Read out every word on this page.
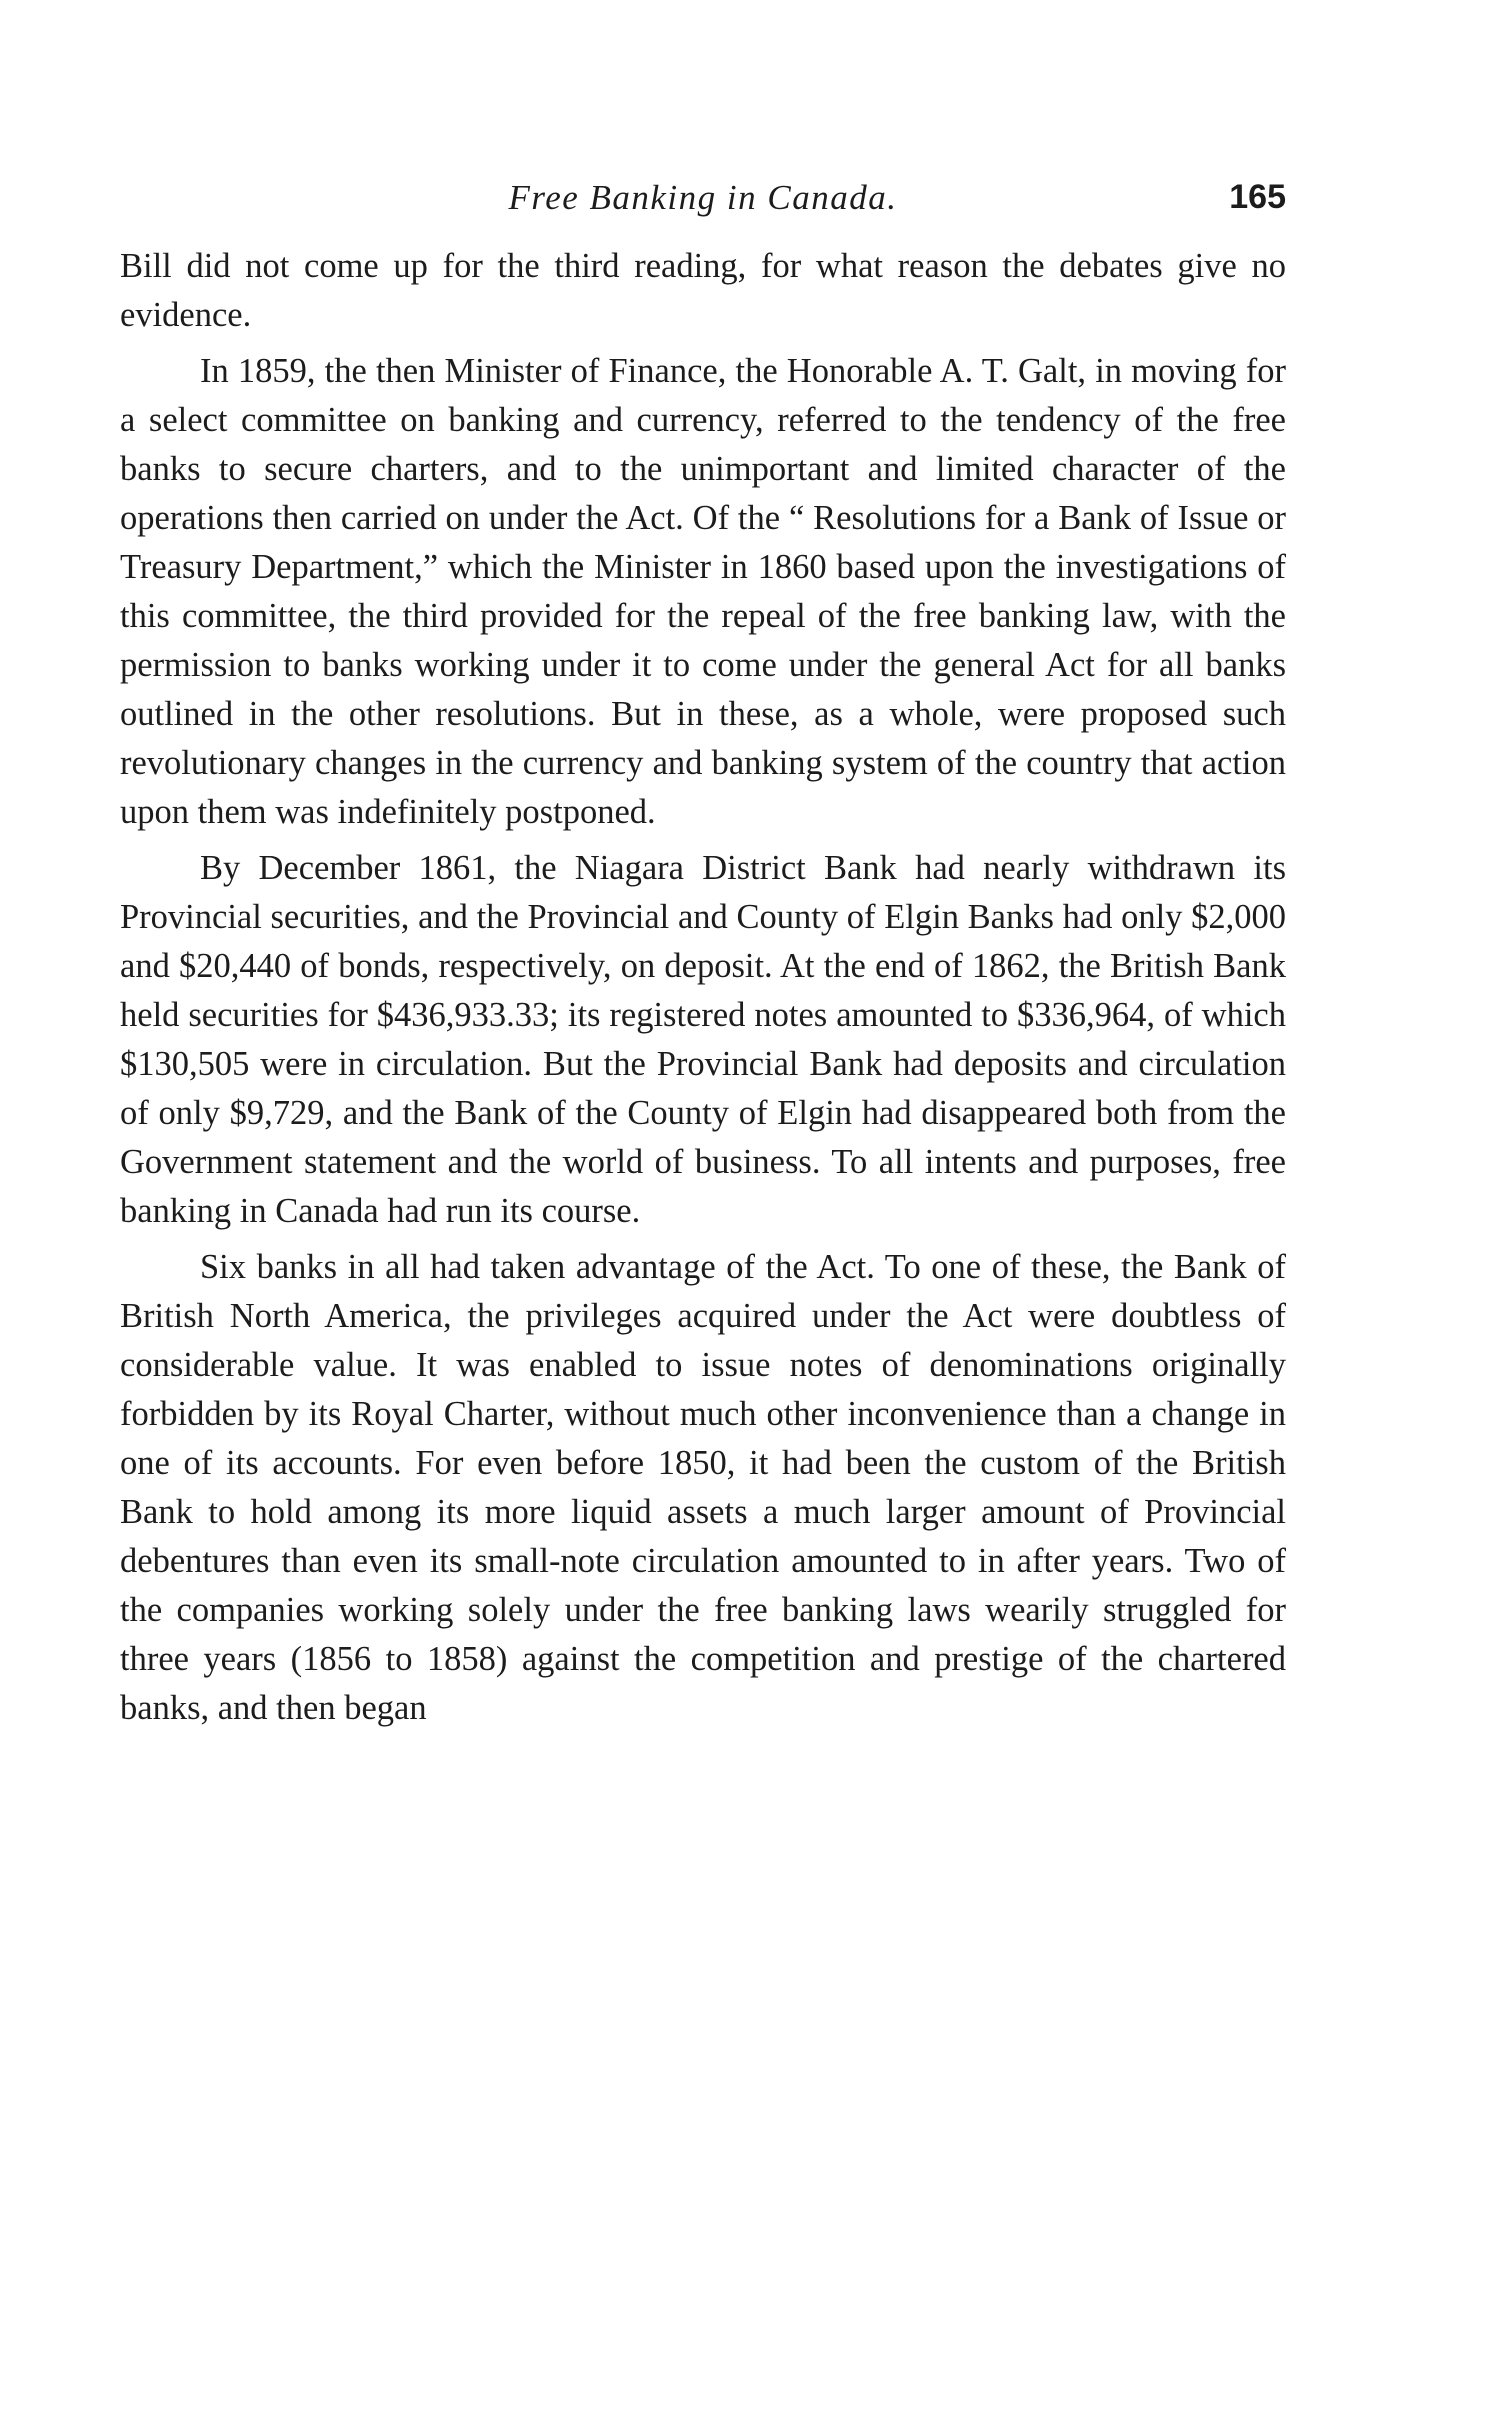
Free Banking in Canada.	165

Bill did not come up for the third reading, for what reason the debates give no evidence.

In 1859, the then Minister of Finance, the Honorable A. T. Galt, in moving for a select committee on banking and currency, referred to the tendency of the free banks to secure charters, and to the unimportant and limited character of the operations then carried on under the Act. Of the “ Resolutions for a Bank of Issue or Treasury Department,” which the Minister in 1860 based upon the investigations of this committee, the third provided for the repeal of the free banking law, with the permission to banks working under it to come under the general Act for all banks outlined in the other resolutions. But in these, as a whole, were proposed such revolutionary changes in the currency and banking system of the country that action upon them was indefinitely postponed.

By December 1861, the Niagara District Bank had nearly withdrawn its Provincial securities, and the Provincial and County of Elgin Banks had only $2,000 and $20,440 of bonds, respectively, on deposit. At the end of 1862, the British Bank held securities for $436,933.33; its registered notes amounted to $336,964, of which $130,505 were in circulation. But the Provincial Bank had deposits and circulation of only $9,729, and the Bank of the County of Elgin had disappeared both from the Government statement and the world of business. To all intents and purposes, free banking in Canada had run its course.

Six banks in all had taken advantage of the Act. To one of these, the Bank of British North America, the privileges acquired under the Act were doubtless of considerable value. It was enabled to issue notes of denominations originally forbidden by its Royal Charter, without much other inconvenience than a change in one of its accounts. For even before 1850, it had been the custom of the British Bank to hold among its more liquid assets a much larger amount of Provincial debentures than even its small-note circulation amounted to in after years. Two of the companies working solely under the free banking laws wearily struggled for three years (1856 to 1858) against the competition and prestige of the chartered banks, and then began
